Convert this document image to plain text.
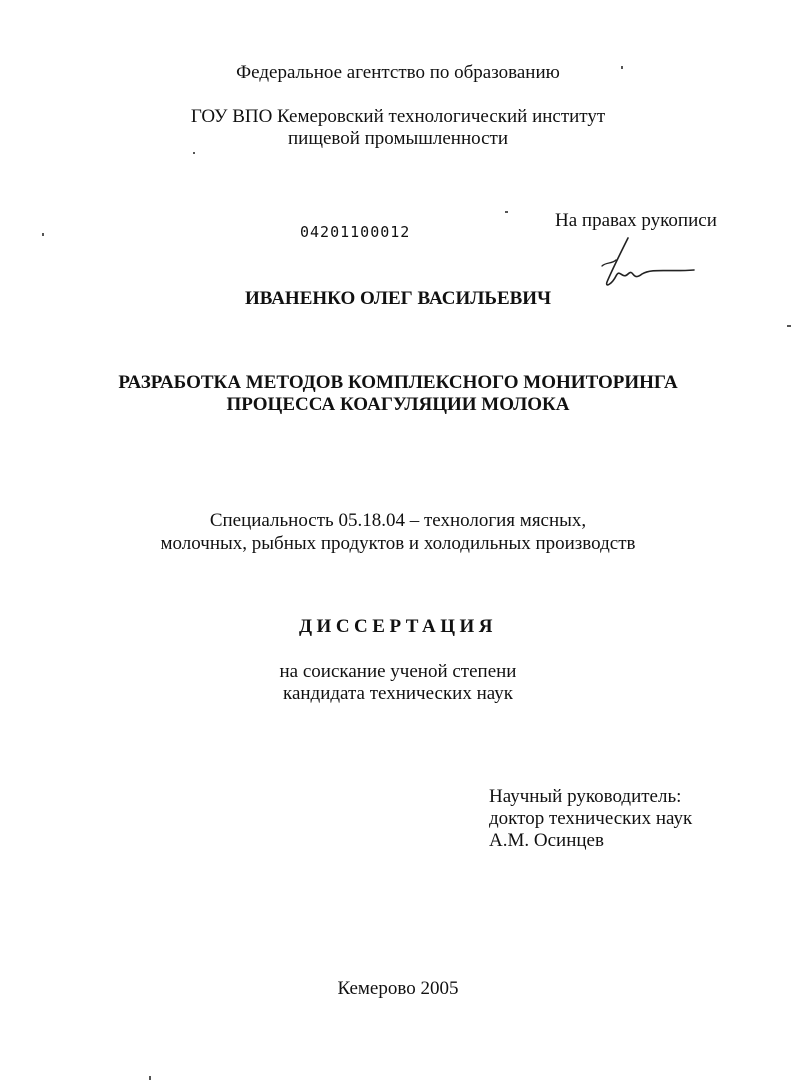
Федеральное агентство по образованию
ГОУ ВПО Кемеровский технологический институт
пищевой промышленности
04201100012
На правах рукописи
ИВАНЕНКО ОЛЕГ ВАСИЛЬЕВИЧ
РАЗРАБОТКА МЕТОДОВ КОМПЛЕКСНОГО МОНИТОРИНГА
ПРОЦЕССА КОАГУЛЯЦИИ МОЛОКА
Специальность 05.18.04 – технология мясных,
молочных, рыбных продуктов и холодильных производств
ДИССЕРТАЦИЯ
на соискание ученой степени
кандидата технических наук
Научный руководитель:
доктор технических наук
А.М. Осинцев
Кемерово 2005
